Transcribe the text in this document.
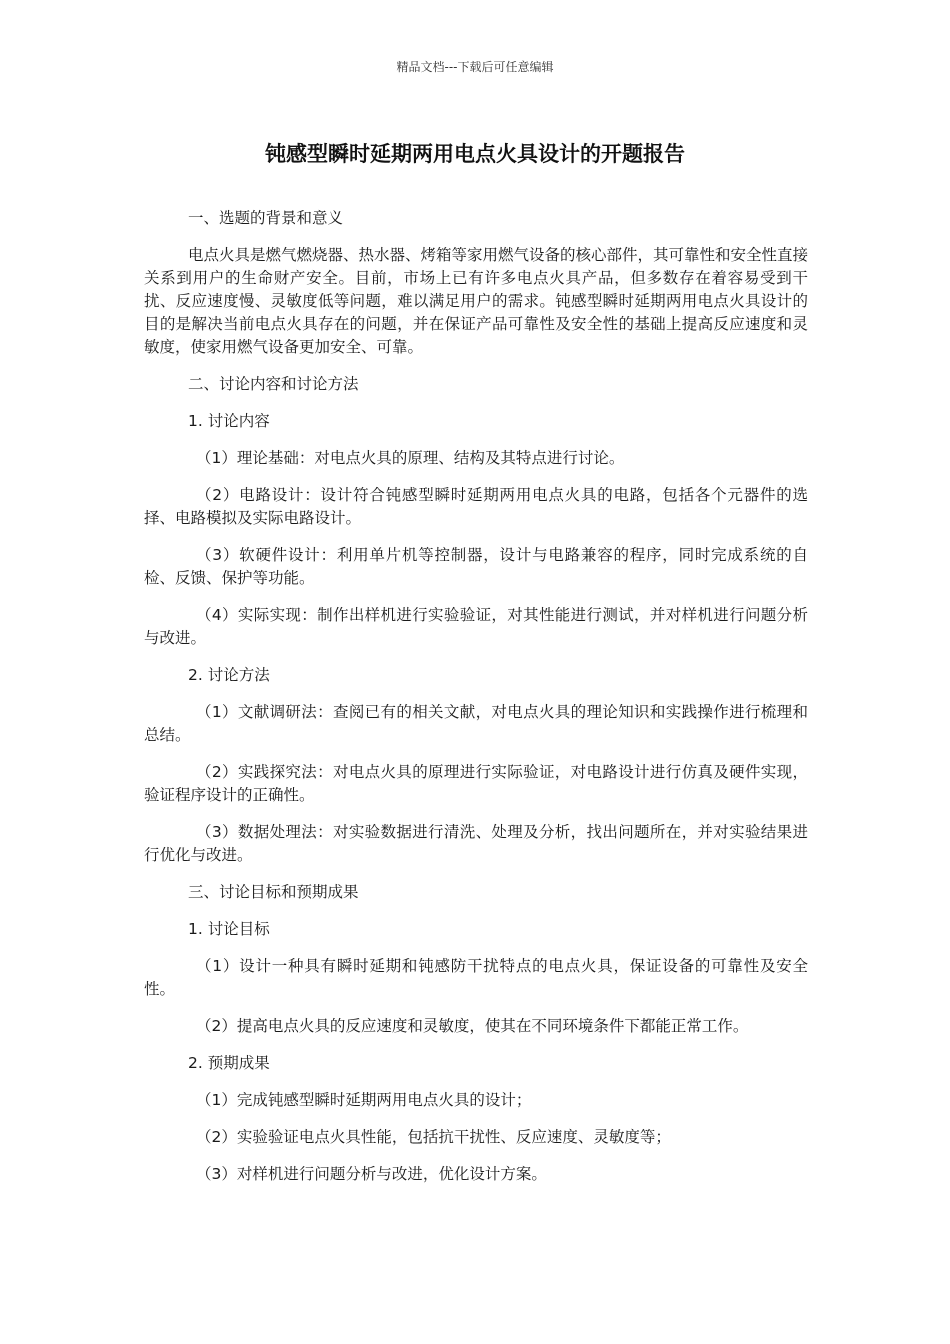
精品文档---下载后可任意编辑
钝感型瞬时延期两用电点火具设计的开题报告

一、选题的背景和意义

电点火具是燃气燃烧器、热水器、烤箱等家用燃气设备的核心部件，其可靠性和安全性直接关系到用户的生命财产安全。目前，市场上已有许多电点火具产品，但多数存在着容易受到干扰、反应速度慢、灵敏度低等问题，难以满足用户的需求。钝感型瞬时延期两用电点火具设计的目的是解决当前电点火具存在的问题，并在保证产品可靠性及安全性的基础上提高反应速度和灵敏度，使家用燃气设备更加安全、可靠。

二、讨论内容和讨论方法

1. 讨论内容

（1）理论基础：对电点火具的原理、结构及其特点进行讨论。

（2）电路设计：设计符合钝感型瞬时延期两用电点火具的电路，包括各个元器件的选择、电路模拟及实际电路设计。

（3）软硬件设计：利用单片机等控制器，设计与电路兼容的程序，同时完成系统的自检、反馈、保护等功能。

（4）实际实现：制作出样机进行实验验证，对其性能进行测试，并对样机进行问题分析与改进。

2. 讨论方法

（1）文献调研法：查阅已有的相关文献，对电点火具的理论知识和实践操作进行梳理和总结。

（2）实践探究法：对电点火具的原理进行实际验证，对电路设计进行仿真及硬件实现，验证程序设计的正确性。

（3）数据处理法：对实验数据进行清洗、处理及分析，找出问题所在，并对实验结果进行优化与改进。

三、讨论目标和预期成果

1. 讨论目标

（1）设计一种具有瞬时延期和钝感防干扰特点的电点火具，保证设备的可靠性及安全性。

（2）提高电点火具的反应速度和灵敏度，使其在不同环境条件下都能正常工作。

2. 预期成果

（1）完成钝感型瞬时延期两用电点火具的设计；

（2）实验验证电点火具性能，包括抗干扰性、反应速度、灵敏度等；

（3）对样机进行问题分析与改进，优化设计方案。
